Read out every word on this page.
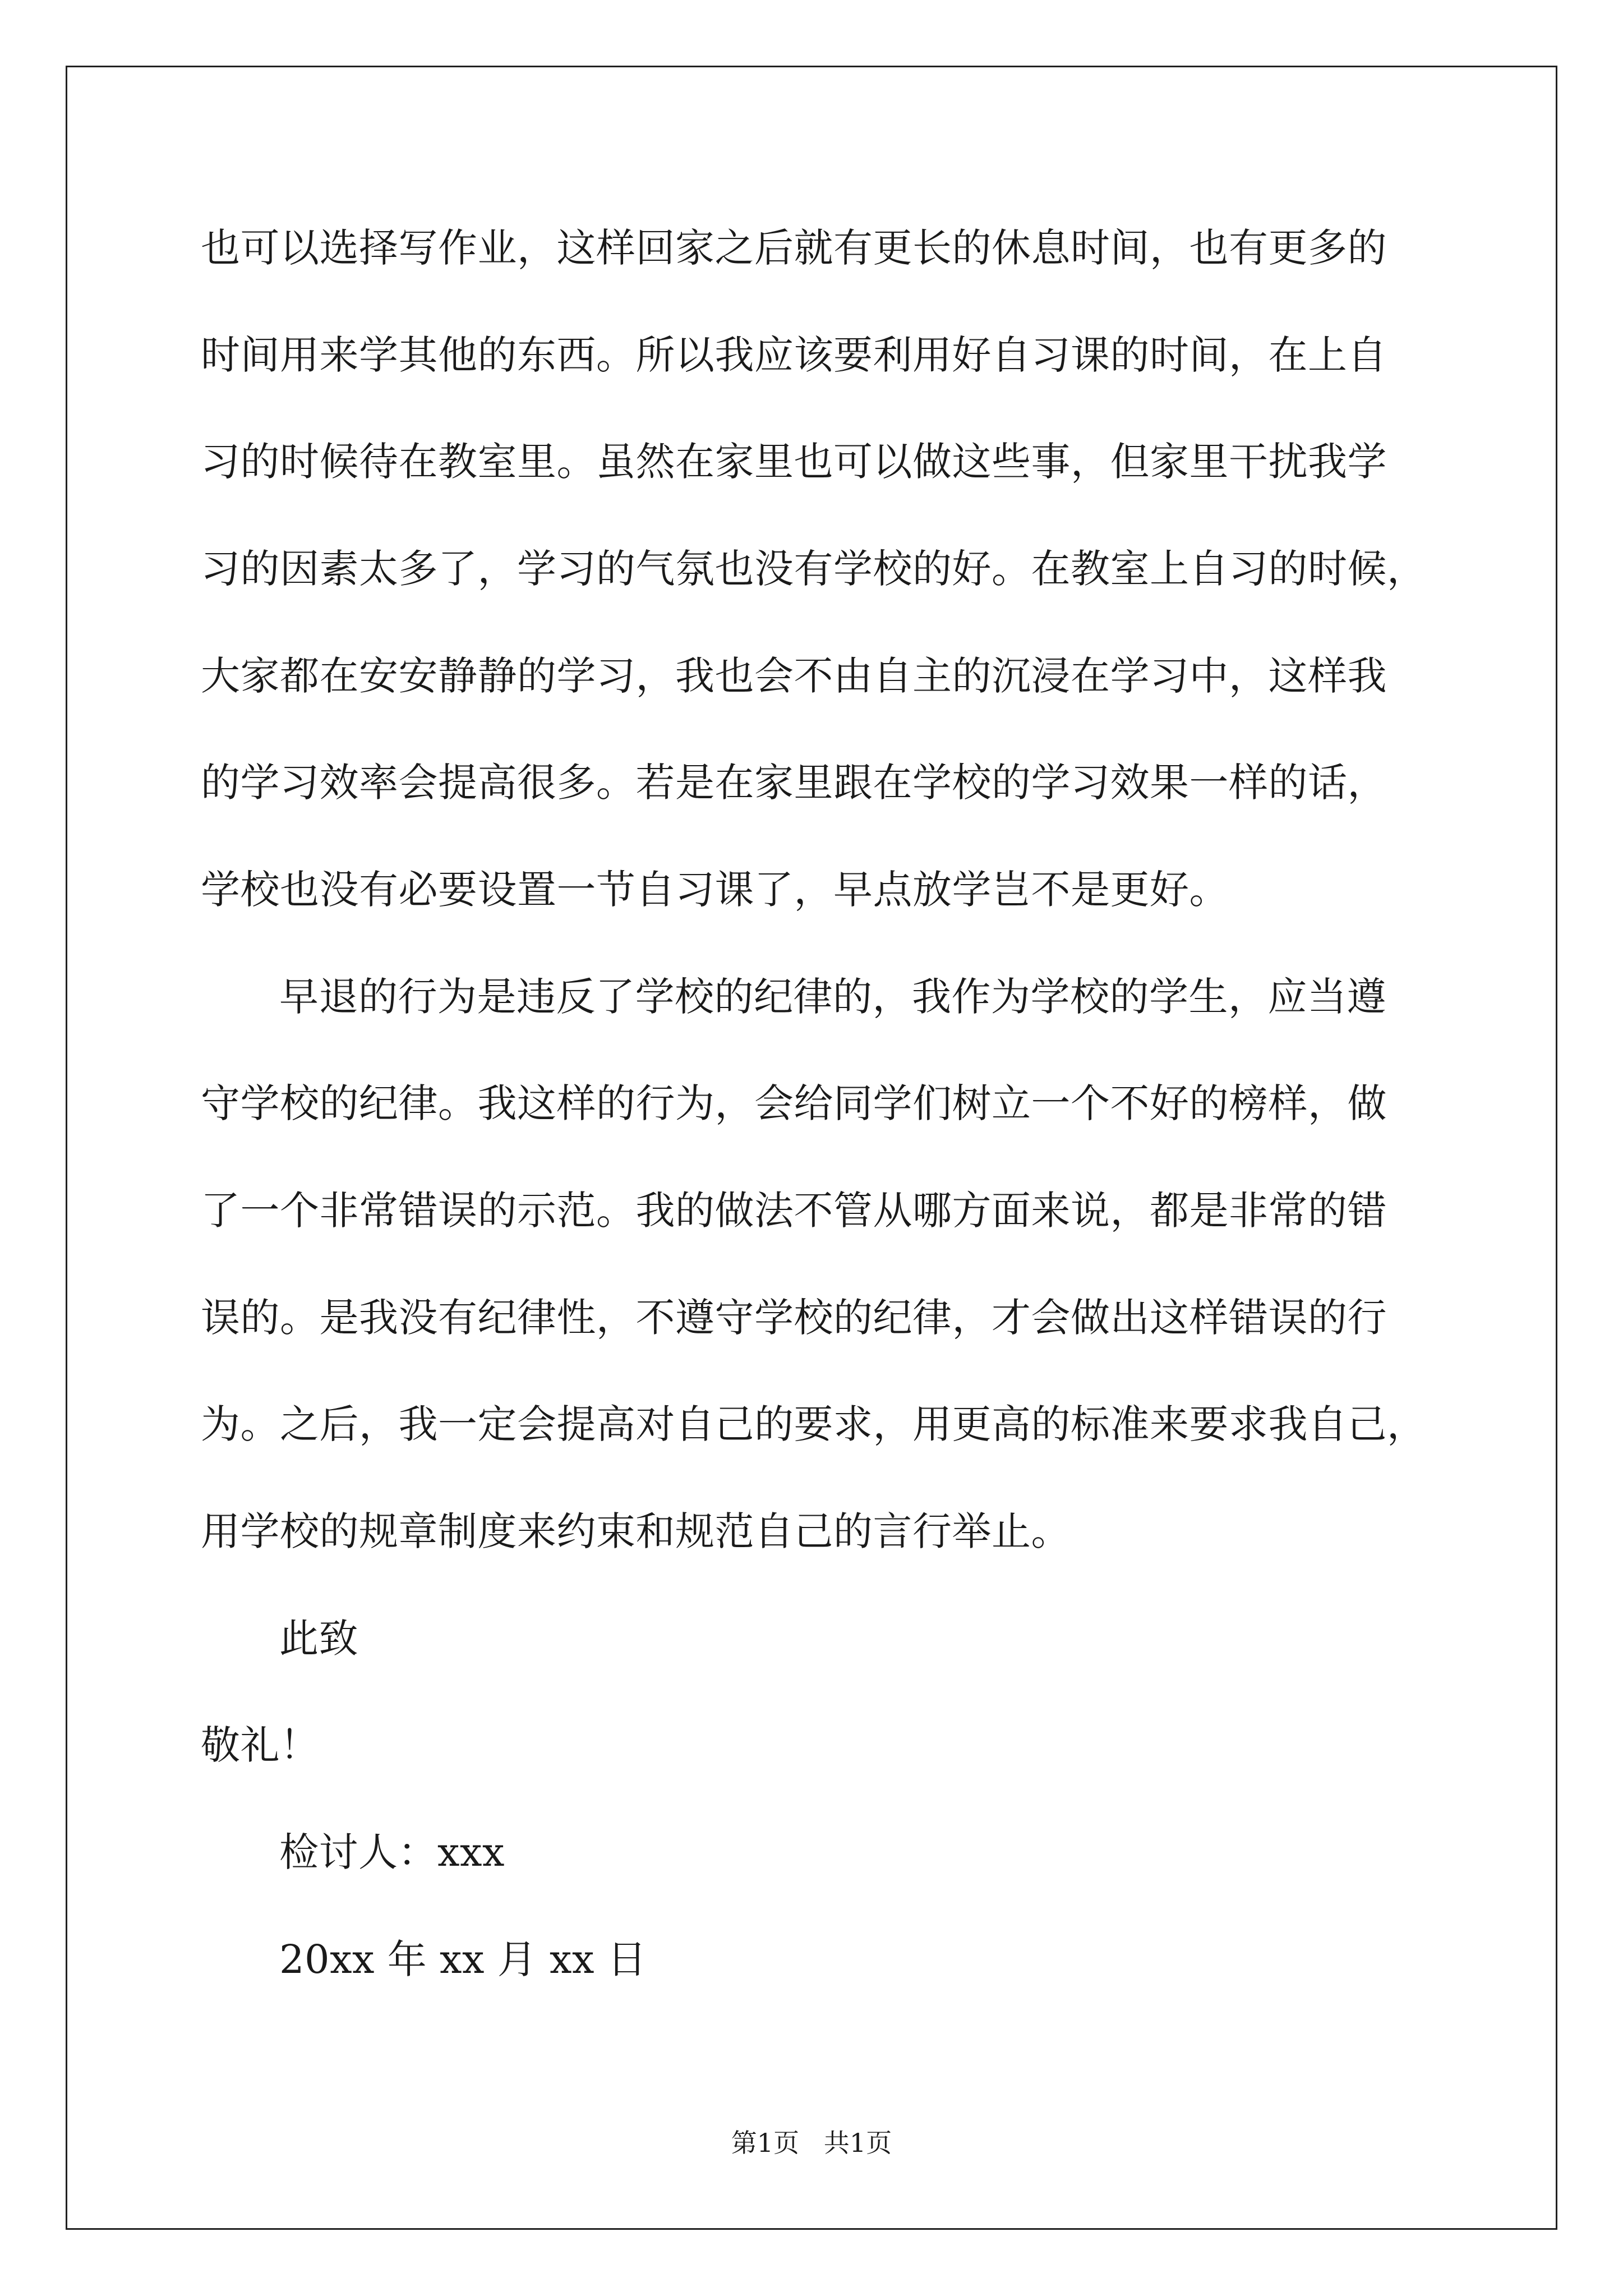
也可以选择写作业，这样回家之后就有更长的休息时间，也有更多的
时间用来学其他的东西。所以我应该要利用好自习课的时间，在上自
习的时候待在教室里。虽然在家里也可以做这些事，但家里干扰我学
习的因素太多了，学习的气氛也没有学校的好。在教室上自习的时候，
大家都在安安静静的学习，我也会不由自主的沉浸在学习中，这样我
的学习效率会提高很多。若是在家里跟在学校的学习效果一样的话，
学校也没有必要设置一节自习课了，早点放学岂不是更好。
早退的行为是违反了学校的纪律的，我作为学校的学生，应当遵
守学校的纪律。我这样的行为，会给同学们树立一个不好的榜样，做
了一个非常错误的示范。我的做法不管从哪方面来说，都是非常的错
误的。是我没有纪律性，不遵守学校的纪律，才会做出这样错误的行
为。之后，我一定会提高对自己的要求，用更高的标准来要求我自己，
用学校的规章制度来约束和规范自己的言行举止。
此致
敬礼！
检讨人：xxx
20xx 年 xx 月 xx 日
第1页   共1页
